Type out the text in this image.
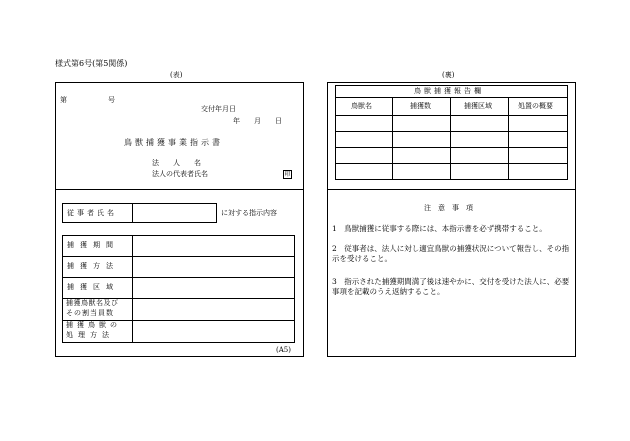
様式第6号(第5関係)
(表)
第	号
交付年月日
年　　月　　日
鳥獣捕獲事業指示書
法　　人　　名
法人の代表者氏名	印
従事者氏名	に対する指示内容
捕獲期間
捕獲方法
捕獲区域
捕獲鳥獣名及び
その割当員数
捕獲鳥獣の
処理方法
(A5)
(裏)
鳥獣捕獲報告欄
鳥獣名	捕獲数	捕獲区域	処置の概要
注　意　事　項
1　鳥獣捕獲に従事する際には、本指示書を必ず携帯すること。
2　従事者は、法人に対し適宜鳥獣の捕獲状況について報告し、その指示を受けること。
3　指示された捕獲期間満了後は速やかに、交付を受けた法人に、必要事項を記載のうえ返納すること。
